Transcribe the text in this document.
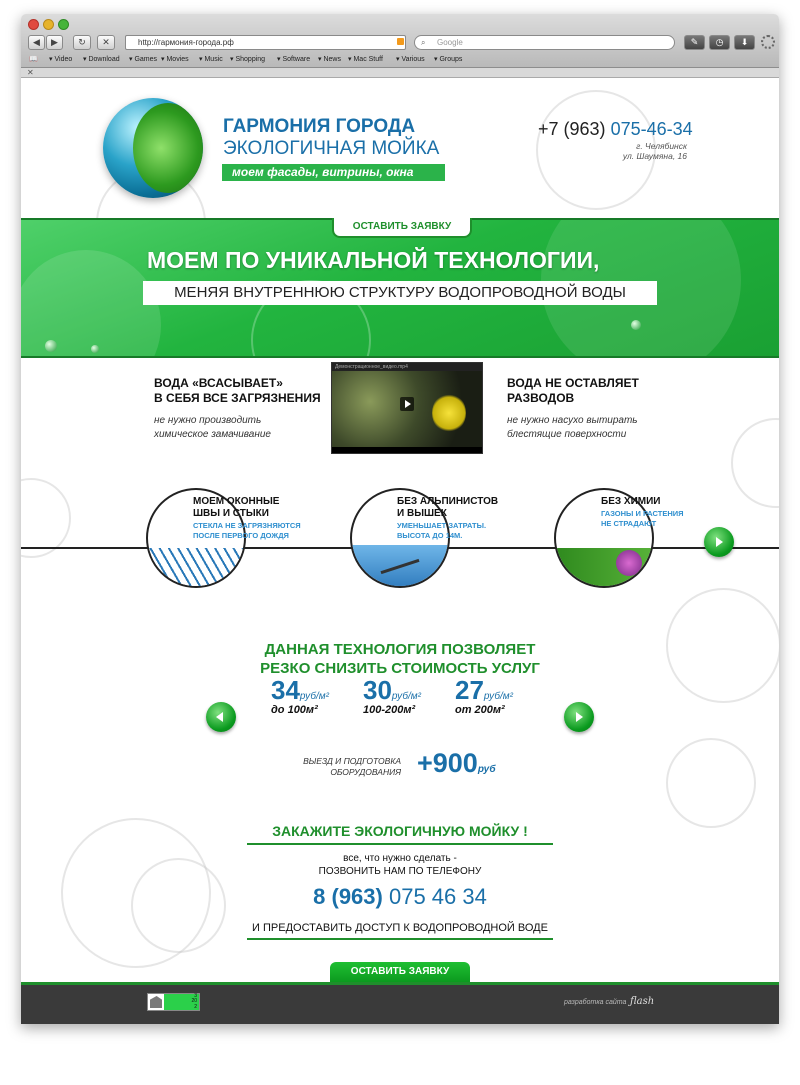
◀	▶	↻	✕	http://гармония-города.рф	Google
⌕	✎	◷	⬇
📖 ▾ Video ▾ Download ▾ Games ▾ Movies ▾ Music ▾ Shopping ▾ Software ▾ News ▾ Mac Stuff ▾ Various ▾ Groups
✕
ГАРМОНИЯ ГОРОДА
ЭКОЛОГИЧНАЯ МОЙКА
моем фасады, витрины, окна
+7 (963) 075-46-34
г. Челябинск
ул. Шаумяна, 16
ОСТАВИТЬ ЗАЯВКУ
МОЕМ ПО УНИКАЛЬНОЙ ТЕХНОЛОГИИ,
МЕНЯЯ ВНУТРЕННЮЮ СТРУКТУРУ ВОДОПРОВОДНОЙ ВОДЫ
ВОДА «ВСАСЫВАЕТ»
В СЕБЯ ВСЕ ЗАГРЯЗНЕНИЯ
не нужно производить
химическое замачивание
Демонстрационное_видео.mp4
ВОДА НЕ ОСТАВЛЯЕТ
РАЗВОДОВ
не нужно насухо вытирать
блестящие поверхности
МОЕМ ОКОННЫЕ
ШВЫ И СТЫКИ
СТЕКЛА НЕ ЗАГРЯЗНЯЮТСЯ
ПОСЛЕ ПЕРВОГО ДОЖДЯ
БЕЗ АЛЬПИНИСТОВ
И ВЫШЕК
УМЕНЬШАЕТ ЗАТРАТЫ.
ВЫСОТА ДО 14М.
БЕЗ ХИМИИ
ГАЗОНЫ И РАСТЕНИЯ
НЕ СТРАДАЮТ
ДАННАЯ ТЕХНОЛОГИЯ ПОЗВОЛЯЕТ
РЕЗКО СНИЗИТЬ СТОИМОСТЬ УСЛУГ
34руб/м²
до 100м²
30руб/м²
100-200м²
27руб/м²
от 200м²
ВЫЕЗД И ПОДГОТОВКА
ОБОРУДОВАНИЯ +900руб
ЗАКАЖИТЕ ЭКОЛОГИЧНУЮ МОЙКУ !
все, что нужно сделать -
ПОЗВОНИТЬ НАМ ПО ТЕЛЕФОНУ
8 (963) 075 46 34
И ПРЕДОСТАВИТЬ ДОСТУП К ВОДОПРОВОДНОЙ ВОДЕ
ОСТАВИТЬ ЗАЯВКУ
3
20
2
разработка сайта ƒlash
